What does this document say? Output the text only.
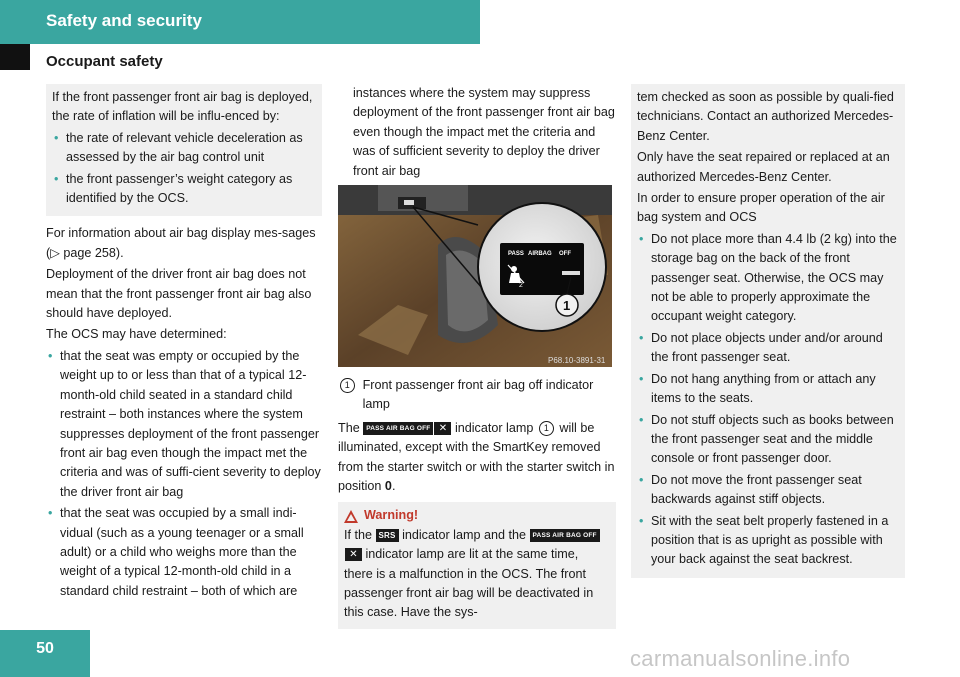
Safety and security
Occupant safety

If the front passenger front air bag is deployed, the rate of inflation will be influ-enced by:

• the rate of relevant vehicle deceleration as assessed by the air bag control unit
• the front passenger’s weight category as identified by the OCS.

For information about air bag display mes-sages (▷ page 258).

Deployment of the driver front air bag does not mean that the front passenger front air bag also should have deployed.

The OCS may have determined:

• that the seat was empty or occupied by the weight up to or less than that of a typical 12-month-old child seated in a standard child restraint – both instances where the system suppresses deployment of the front passenger front air bag even though the impact met the criteria and was of suffi-cient severity to deploy the driver front air bag
• that the seat was occupied by a small indi-vidual (such as a young teenager or a small adult) or a child who weighs more than the weight of a typical 12-month-old child in a standard child restraint – both of which are

instances where the system may suppress deployment of the front passenger front air bag even though the impact met the criteria and was of sufficient severity to deploy the driver front air bag

PASS AIRBAG OFF
2
1
P68.10-3891-31
1	Front passenger front air bag off indicator lamp

The PASS AIR BAG OFF ✕ indicator lamp 1 will be illuminated, except with the SmartKey removed from the starter switch or with the starter switch in position 0.

Warning!

If the SRS indicator lamp and the PASS AIR BAG OFF✕ indicator lamp are lit at the same time, there is a malfunction in the OCS. The front passenger front air bag will be deactivated in this case. Have the sys-

tem checked as soon as possible by quali-fied technicians. Contact an authorized Mercedes-Benz Center.

Only have the seat repaired or replaced at an authorized Mercedes-Benz Center.

In order to ensure proper operation of the air bag system and OCS

• Do not place more than 4.4 lb (2 kg) into the storage bag on the back of the front passenger seat. Otherwise, the OCS may not be able to properly approximate the occupant weight category.
• Do not place objects under and/or around the front passenger seat.
• Do not hang anything from or attach any items to the seats.
• Do not stuff objects such as books between the front passenger seat and the middle console or front passenger door.
• Do not move the front passenger seat backwards against stiff objects.
• Sit with the seat belt properly fastened in a position that is as upright as possible with your back against the seat backrest.
50	carmanualsonline.info
